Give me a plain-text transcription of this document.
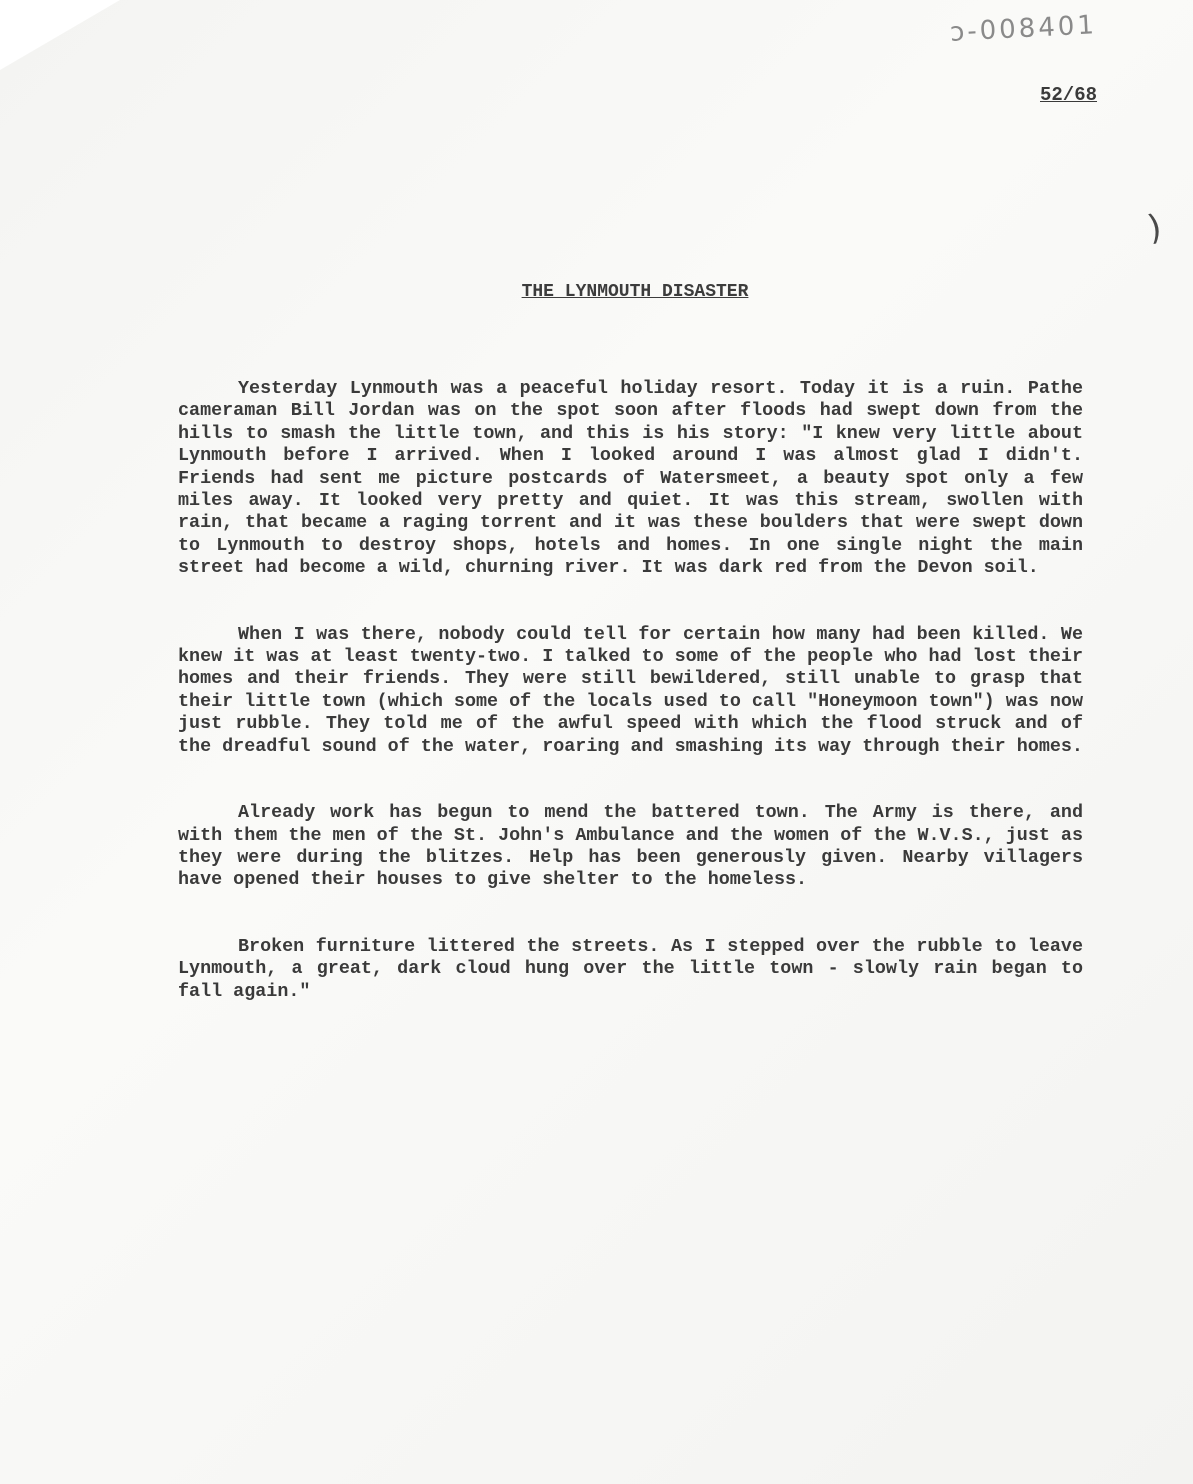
ɔ-008401
52/68
)
THE LYNMOUTH DISASTER

Yesterday Lynmouth was a peaceful holiday resort. Today it is a ruin. Pathe cameraman Bill Jordan was on the spot soon after floods had swept down from the hills to smash the little town, and this is his story: "I knew very little about Lynmouth before I arrived. When I looked around I was almost glad I didn't. Friends had sent me picture postcards of Watersmeet, a beauty spot only a few miles away. It looked very pretty and quiet. It was this stream, swollen with rain, that became a raging torrent and it was these boulders that were swept down to Lynmouth to destroy shops, hotels and homes. In one single night the main street had become a wild, churning river. It was dark red from the Devon soil.

When I was there, nobody could tell for certain how many had been killed. We knew it was at least twenty-two. I talked to some of the people who had lost their homes and their friends. They were still bewildered, still unable to grasp that their little town (which some of the locals used to call "Honeymoon town") was now just rubble. They told me of the awful speed with which the flood struck and of the dreadful sound of the water, roaring and smashing its way through their homes.

Already work has begun to mend the battered town. The Army is there, and with them the men of the St. John's Ambulance and the women of the W.V.S., just as they were during the blitzes. Help has been generously given. Nearby villagers have opened their houses to give shelter to the homeless.

Broken furniture littered the streets. As I stepped over the rubble to leave Lynmouth, a great, dark cloud hung over the little town - slowly rain began to fall again."
